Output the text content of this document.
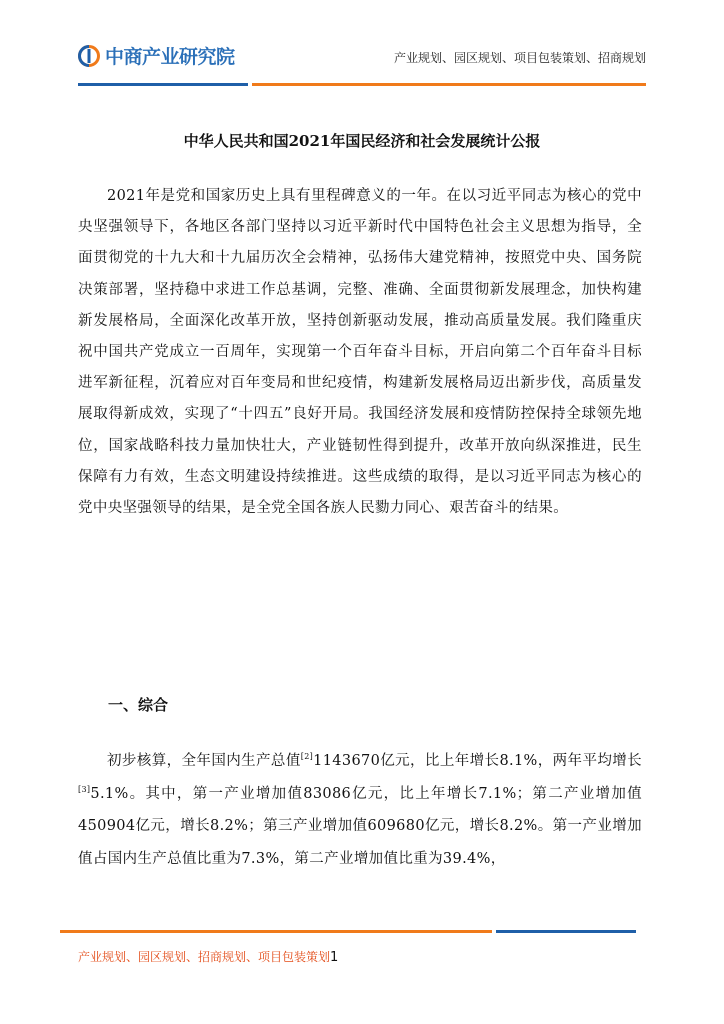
中商产业研究院	产业规划、园区规划、项目包装策划、招商规划
中华人民共和国2021年国民经济和社会发展统计公报

2021年是党和国家历史上具有里程碑意义的一年。在以习近平同志为核心的党中央坚强领导下，各地区各部门坚持以习近平新时代中国特色社会主义思想为指导，全面贯彻党的十九大和十九届历次全会精神，弘扬伟大建党精神，按照党中央、国务院决策部署，坚持稳中求进工作总基调，完整、准确、全面贯彻新发展理念，加快构建新发展格局，全面深化改革开放，坚持创新驱动发展，推动高质量发展。我们隆重庆祝中国共产党成立一百周年，实现第一个百年奋斗目标，开启向第二个百年奋斗目标进军新征程，沉着应对百年变局和世纪疫情，构建新发展格局迈出新步伐，高质量发展取得新成效，实现了“十四五”良好开局。我国经济发展和疫情防控保持全球领先地位，国家战略科技力量加快壮大，产业链韧性得到提升，改革开放向纵深推进，民生保障有力有效，生态文明建设持续推进。这些成绩的取得，是以习近平同志为核心的党中央坚强领导的结果，是全党全国各族人民勠力同心、艰苦奋斗的结果。

一、综合

初步核算，全年国内生产总值[2]1143670亿元，比上年增长8.1%，两年平均增长[3]5.1%。其中，第一产业增加值83086亿元，比上年增长7.1%；第二产业增加值450904亿元，增长8.2%；第三产业增加值609680亿元，增长8.2%。第一产业增加值占国内生产总值比重为7.3%，第二产业增加值比重为39.4%，

产业规划、园区规划、招商规划、项目包装策划1
